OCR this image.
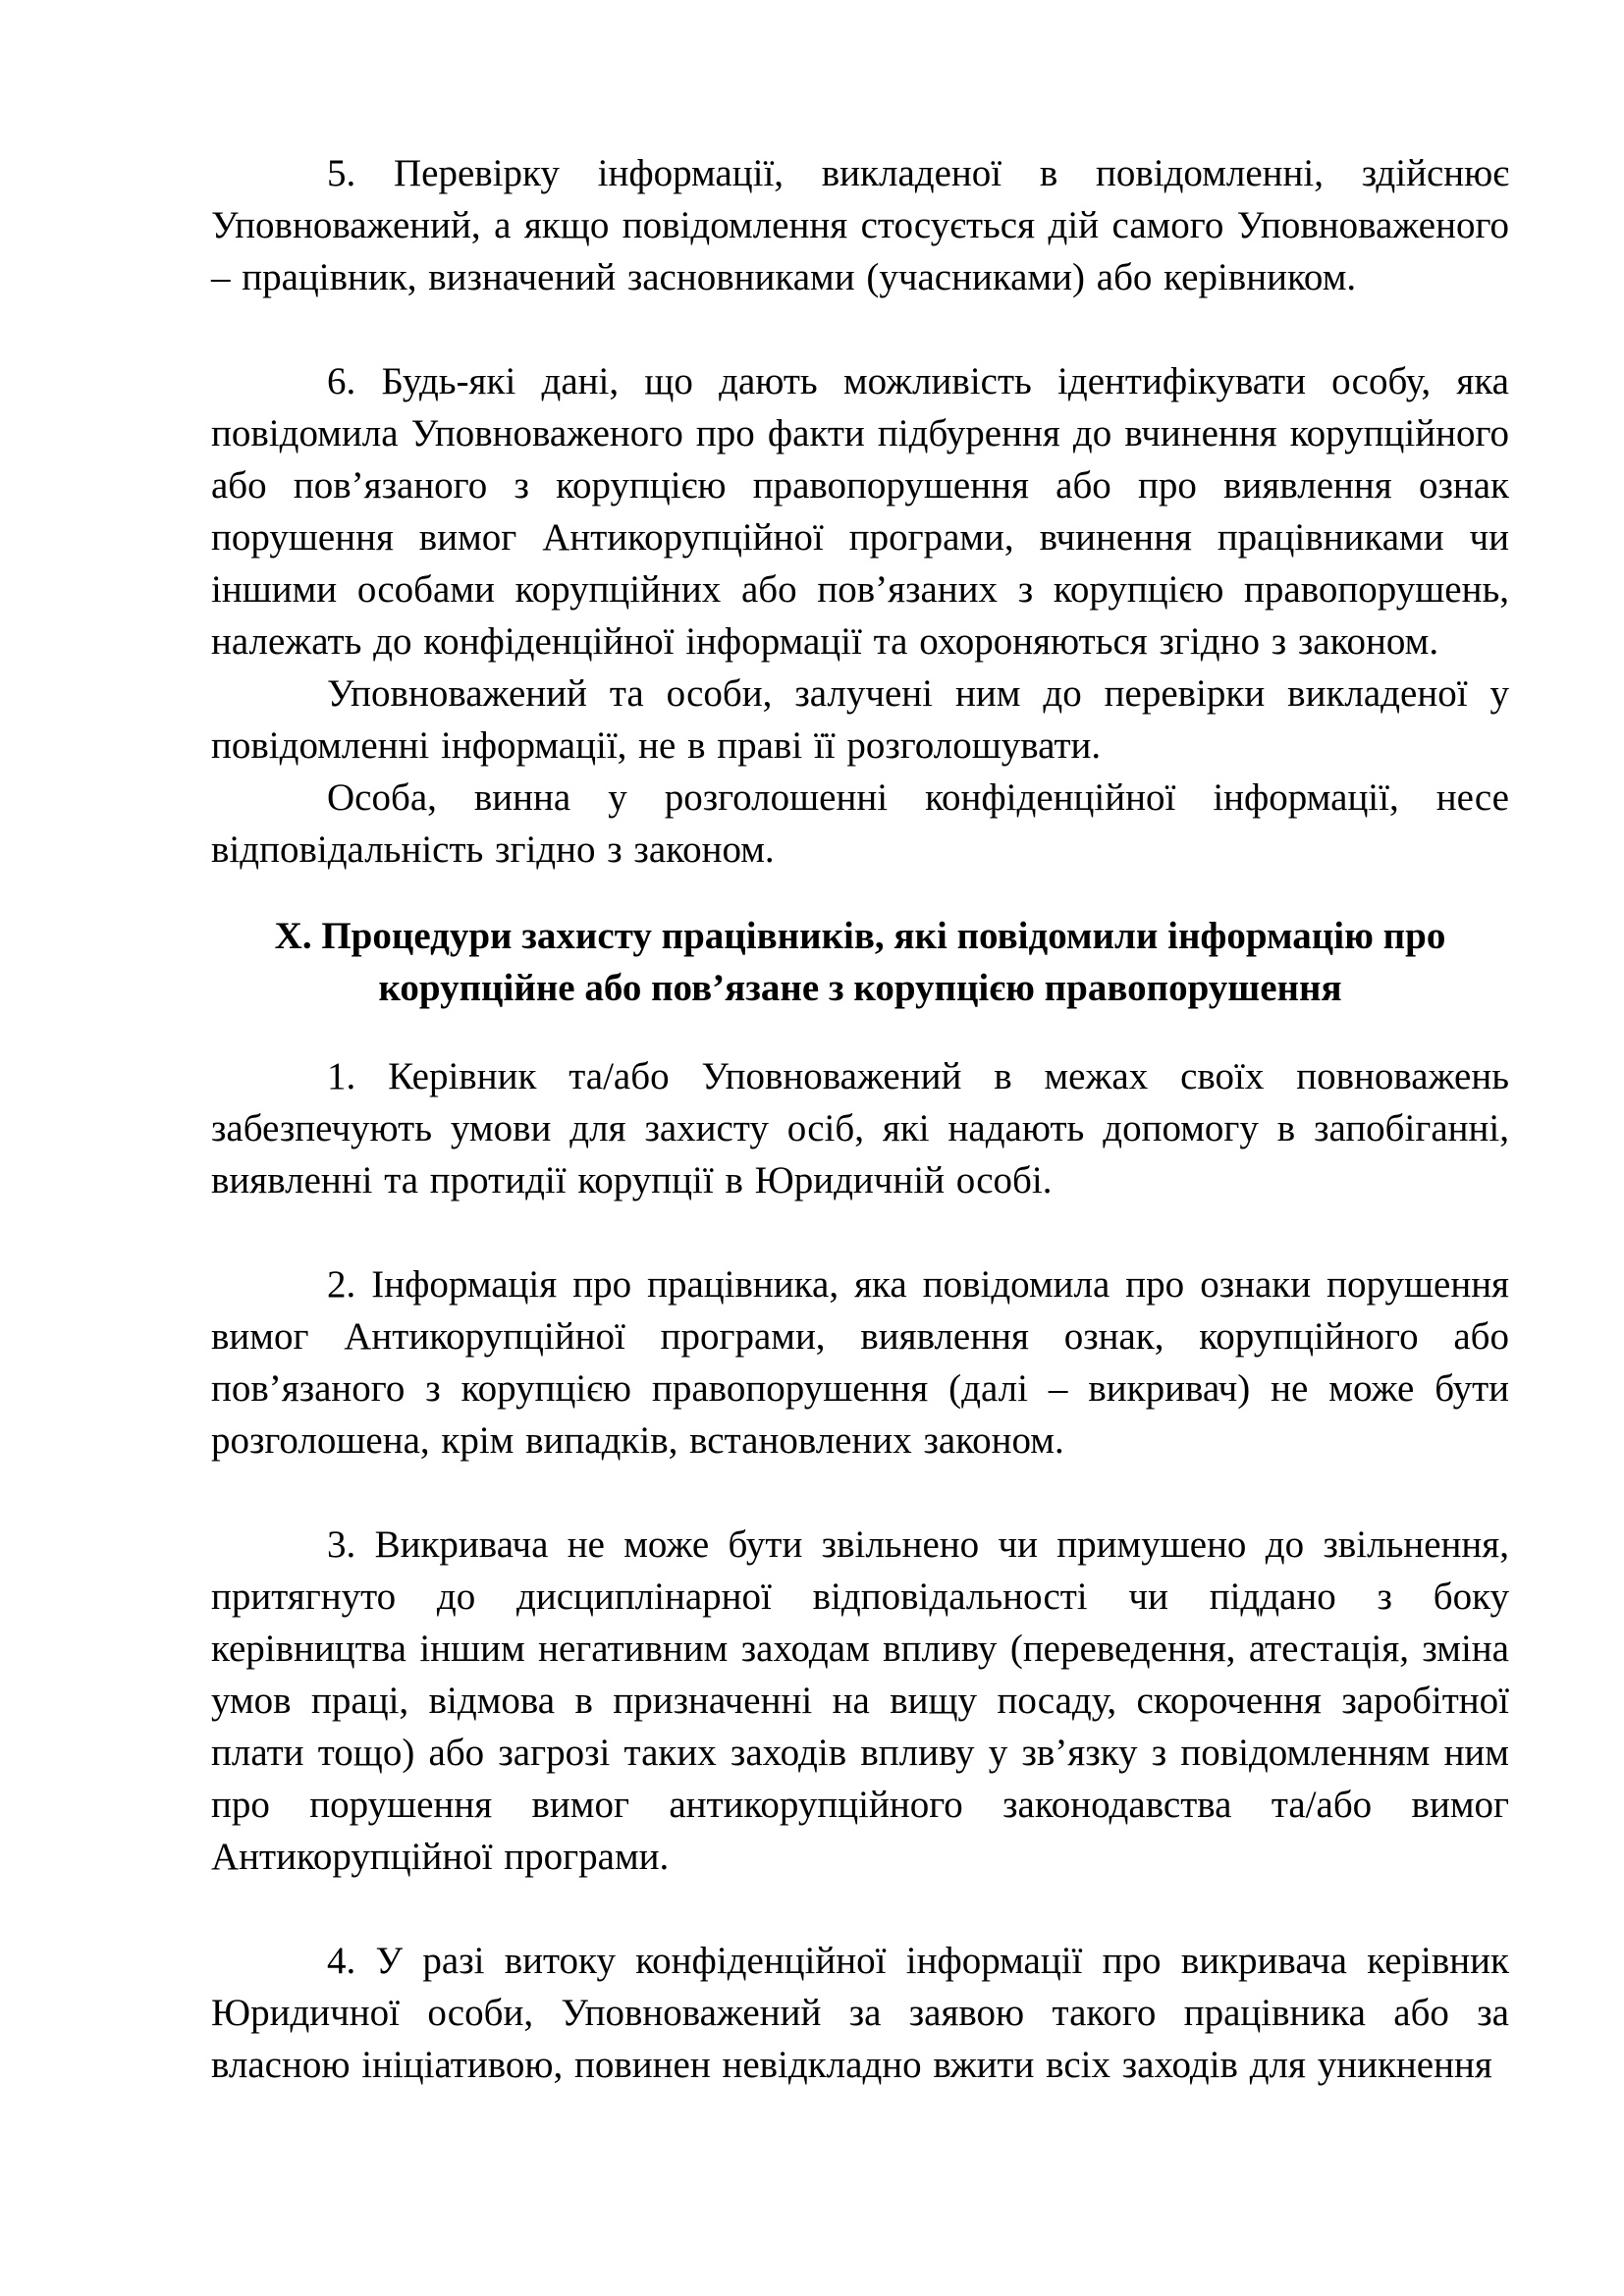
5. Перевірку інформації, викладеної в повідомленні, здійснює Уповноважений, а якщо повідомлення стосується дій самого Уповноваженого – працівник, визначений засновниками (учасниками) або керівником.

6. Будь-які дані, що дають можливість ідентифікувати особу, яка повідомила Уповноваженого про факти підбурення до вчинення корупційного або пов’язаного з корупцією правопорушення або про виявлення ознак порушення вимог Антикорупційної програми, вчинення працівниками чи іншими особами корупційних або пов’язаних з корупцією правопорушень, належать до конфіденційної інформації та охороняються згідно з законом.

Уповноважений та особи, залучені ним до перевірки викладеної у повідомленні інформації, не в праві її розголошувати.

Особа, винна у розголошенні конфіденційної інформації, несе відповідальність згідно з законом.

X. Процедури захисту працівників, які повідомили інформацію про корупційне або пов’язане з корупцією правопорушення

1. Керівник та/або Уповноважений в межах своїх повноважень забезпечують умови для захисту осіб, які надають допомогу в запобіганні, виявленні та протидії корупції в Юридичній особі.

2. Інформація про працівника, яка повідомила про ознаки порушення вимог Антикорупційної програми, виявлення ознак, корупційного або пов’язаного з корупцією правопорушення (далі – викривач) не може бути розголошена, крім випадків, встановлених законом.

3. Викривача не може бути звільнено чи примушено до звільнення, притягнуто до дисциплінарної відповідальності чи піддано з боку керівництва іншим негативним заходам впливу (переведення, атестація, зміна умов праці, відмова в призначенні на вищу посаду, скорочення заробітної плати тощо) або загрозі таких заходів впливу у зв’язку з повідомленням ним про порушення вимог антикорупційного законодавства та/або вимог Антикорупційної програми.

4. У разі витоку конфіденційної інформації про викривача керівник Юридичної особи, Уповноважений за заявою такого працівника або за власною ініціативою, повинен невідкладно вжити всіх заходів для уникнення
